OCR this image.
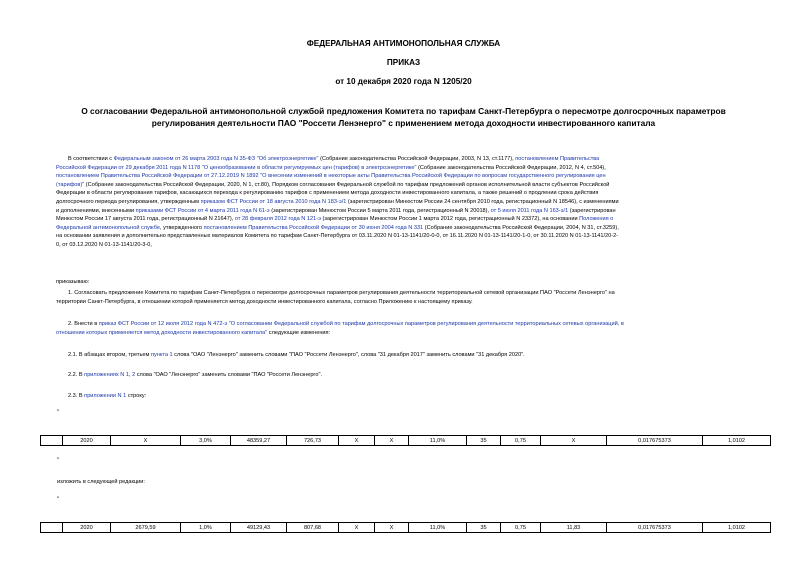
ФЕДЕРАЛЬНАЯ АНТИМОНОПОЛЬНАЯ СЛУЖБА
ПРИКАЗ
от 10 декабря 2020 года N 1205/20
О согласовании Федеральной антимонопольной службой предложения Комитета по тарифам Санкт-Петербурга о пересмотре долгосрочных параметров
регулирования деятельности ПАО "Россети Ленэнерго" с применением метода доходности инвестированного капитала
В соответствии с Федеральным законом от 26 марта 2003 года N 35-ФЗ "Об электроэнергетике" (Собрание законодательства Российской Федерации, 2003, N 13, ст.1177), постановлением Правительства
Российской Федерации от 29 декабря 2011 года N 1178 "О ценообразовании в области регулируемых цен (тарифов) в электроэнергетике" (Собрание законодательства Российской Федерации, 2012, N 4, ст.504),
постановлением Правительства Российской Федерации от 27.12.2019 N 1892 "О внесении изменений в некоторые акты Правительства Российской Федерации по вопросам государственного регулирования цен
(тарифов)" (Собрание законодательства Российской Федерации, 2020, N 1, ст.80), Порядком согласования Федеральной службой по тарифам предложений органов исполнительной власти субъектов Российской
Федерации в области регулирования тарифов, касающихся перехода к регулированию тарифов с применением метода доходности инвестированного капитала, а также решений о продлении срока действия
долгосрочного периода регулирования, утвержденным приказом ФСТ России от 18 августа 2010 года N 183-э/1 (зарегистрирован Минюстом России 24 сентября 2010 года, регистрационный N 18546), с изменениями
и дополнениями, внесенными приказами ФСТ России от 4 марта 2011 года N 61-э (зарегистрирован Минюстом России 5 марта 2011 года, регистрационный N 20018), от 5 июля 2011 года N 163-э/1 (зарегистрирован
Минюстом России 17 августа 2011 года, регистрационный N 21647), от 28 февраля 2012 года N 121-э (зарегистрирован Минюстом России 1 марта 2012 года, регистрационный N 23372), на основании Положения о
Федеральной антимонопольной службе, утвержденного постановлением Правительства Российской Федерации от 30 июня 2004 года N 331 (Собрание законодательства Российской Федерации, 2004, N 31, ст.3259),
на основании заявления и дополнительно представленных материалов Комитета по тарифам Санкт-Петербурга от 03.11.2020 N 01-13-1141/20-0-0, от 16.11.2020 N 01-13-1141/20-1-0, от 30.11.2020 N 01-13-1141/20-2-
0, от 03.12.2020 N 01-13-1141/20-3-0,
приказываю:
1. Согласовать предложение Комитета по тарифам Санкт-Петербурга о пересмотре долгосрочных параметров регулирования деятельности территориальной сетевой организации ПАО "Россети Ленэнерго" на
территории Санкт-Петербурга, в отношении которой применяется метод доходности инвестированного капитала, согласно Приложению к настоящему приказу.
2. Внести в приказ ФСТ России от 12 июля 2012 года N 472-э "О согласовании Федеральной службой по тарифам долгосрочных параметров регулирования деятельности территориальных сетевых организаций, в
отношении которых применяется метод доходности инвестированного капитала" следующие изменения:
2.1. В абзацах втором, третьем пункта 1 слова "ОАО "Ленэнерго" заменить словами "ПАО "Россети Ленэнерго", слова "31 декабря 2017" заменить словами "31 декабря 2020".
2.2. В приложениях N 1, 2 слова "ОАО "Ленэнерго" заменить словами "ПАО "Россети Ленэнерго".
2.3. В приложении N 1 строку:
"
	2020	X	3,0%	48359,27	726,73	X	X	11,0%	35	0,75	X	0,017675373	1,0102
"
изложить в следующей редакции:
"
	2020	2679,59	1,0%	49129,43	807,68	X	X	11,0%	35	0,75	11,83	0,017675373	1,0102
